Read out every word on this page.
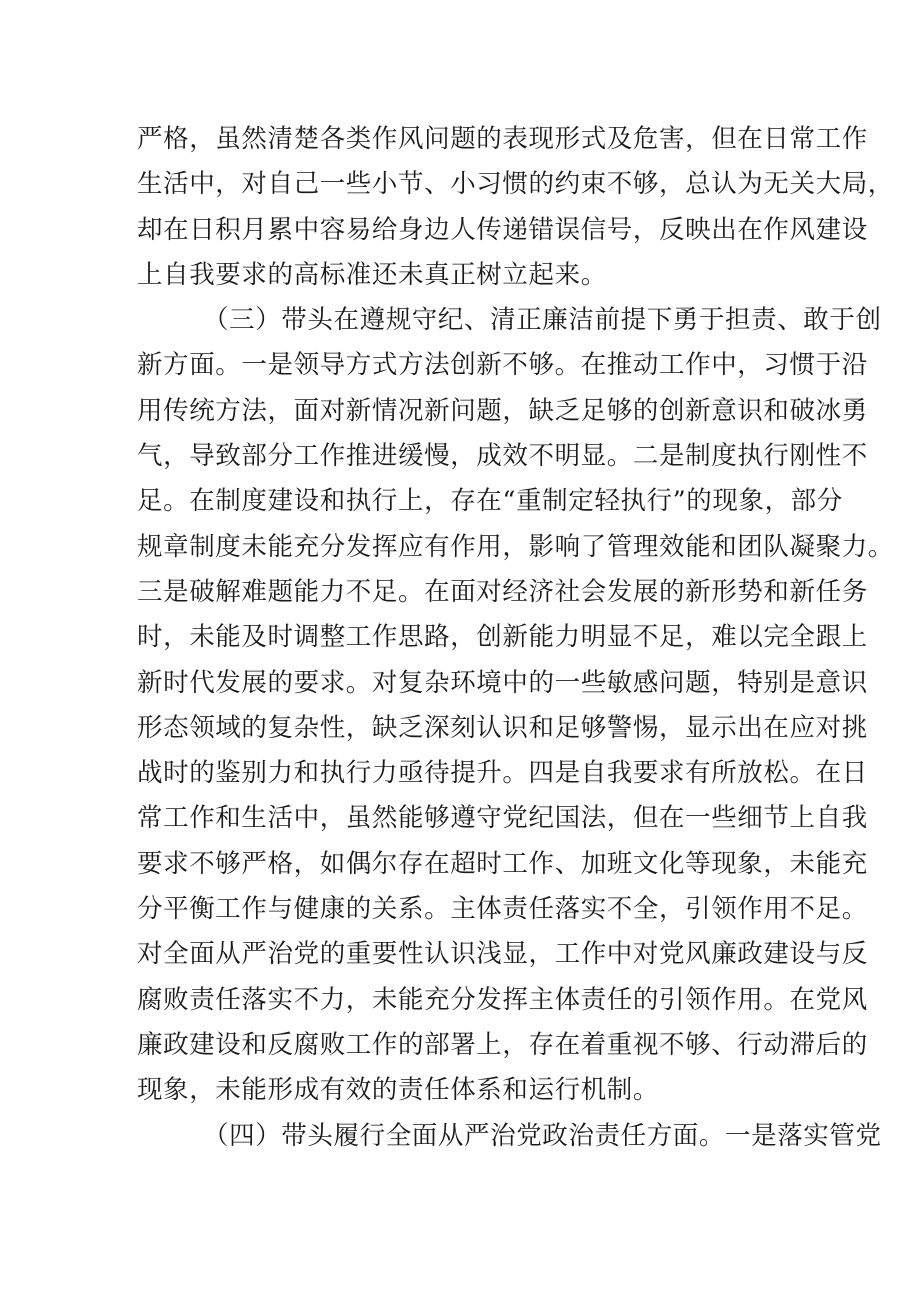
严格，虽然清楚各类作风问题的表现形式及危害，但在日常工作
生活中，对自己一些小节、小习惯的约束不够，总认为无关大局，
却在日积月累中容易给身边人传递错误信号，反映出在作风建设
上自我要求的高标准还未真正树立起来。
（三）带头在遵规守纪、清正廉洁前提下勇于担责、敢于创
新方面。一是领导方式方法创新不够。在推动工作中，习惯于沿
用传统方法，面对新情况新问题，缺乏足够的创新意识和破冰勇
气，导致部分工作推进缓慢，成效不明显。二是制度执行刚性不
足。在制度建设和执行上，存在“重制定轻执行”的现象，部分
规章制度未能充分发挥应有作用，影响了管理效能和团队凝聚力。
三是破解难题能力不足。在面对经济社会发展的新形势和新任务
时，未能及时调整工作思路，创新能力明显不足，难以完全跟上
新时代发展的要求。对复杂环境中的一些敏感问题，特别是意识
形态领域的复杂性，缺乏深刻认识和足够警惕，显示出在应对挑
战时的鉴别力和执行力亟待提升。四是自我要求有所放松。在日
常工作和生活中，虽然能够遵守党纪国法，但在一些细节上自我
要求不够严格，如偶尔存在超时工作、加班文化等现象，未能充
分平衡工作与健康的关系。主体责任落实不全，引领作用不足。
对全面从严治党的重要性认识浅显，工作中对党风廉政建设与反
腐败责任落实不力，未能充分发挥主体责任的引领作用。在党风
廉政建设和反腐败工作的部署上，存在着重视不够、行动滞后的
现象，未能形成有效的责任体系和运行机制。
（四）带头履行全面从严治党政治责任方面。一是落实管党
